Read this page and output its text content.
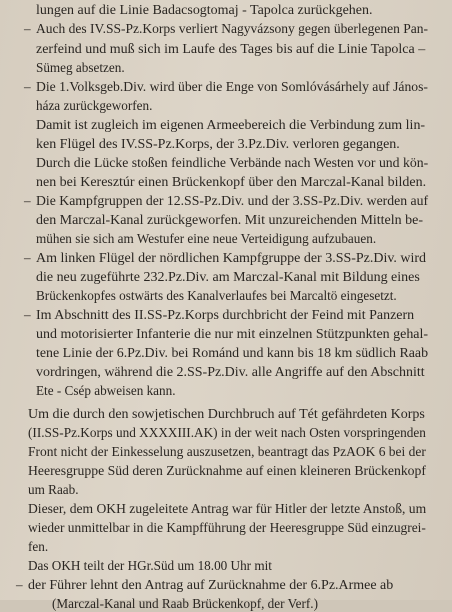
lungen auf die Linie Badacsogtomaj - Tapolca zurückgehen.
– Auch des IV.SS-Pz.Korps verliert Nagyvázsony gegen überlegenen Pan-
zerfeind und muß sich im Laufe des Tages bis auf die Linie Tapolca –
Sümeg absetzen.
– Die 1.Volksgeb.Div. wird über die Enge von Somlóvásárhely auf János-
háza zurückgeworfen.
Damit ist zugleich im eigenen Armeebereich die Verbindung zum lin-
ken Flügel des IV.SS-Pz.Korps, der 3.Pz.Div. verloren gegangen.
Durch die Lücke stoßen feindliche Verbände nach Westen vor und kön-
nen bei Keresztúr einen Brückenkopf über den Marczal-Kanal bilden.
– Die Kampfgruppen der 12.SS-Pz.Div. und der 3.SS-Pz.Div. werden auf
den Marczal-Kanal zurückgeworfen. Mit unzureichenden Mitteln be-
mühen sie sich am Westufer eine neue Verteidigung aufzubauen.
– Am linken Flügel der nördlichen Kampfgruppe der 3.SS-Pz.Div. wird
die neu zugeführte 232.Pz.Div. am Marczal-Kanal mit Bildung eines
Brückenkopfes ostwärts des Kanalverlaufes bei Marcaltö eingesetzt.
– Im Abschnitt des II.SS-Pz.Korps durchbricht der Feind mit Panzern
und motorisierter Infanterie die nur mit einzelnen Stützpunkten gehal-
tene Linie der 6.Pz.Div. bei Románd und kann bis 18 km südlich Raab
vordringen, während die 2.SS-Pz.Div. alle Angriffe auf den Abschnitt
Ete - Csép abweisen kann.
Um die durch den sowjetischen Durchbruch auf Tét gefährdeten Korps
(II.SS-Pz.Korps und XXXXIII.AK) in der weit nach Osten vorspringenden
Front nicht der Einkesselung auszusetzen, beantragt das PzAOK 6 bei der
Heeresgruppe Süd deren Zurücknahme auf einen kleineren Brückenkopf
um Raab.
Dieser, dem OKH zugeleitete Antrag war für Hitler der letzte Anstoß, um
wieder unmittelbar in die Kampfführung der Heeresgruppe Süd einzugrei-
fen.
Das OKH teilt der HGr.Süd um 18.00 Uhr mit
– der Führer lehnt den Antrag auf Zurücknahme der 6.Pz.Armee ab
(Marczal-Kanal und Raab Brückenkopf, der Verf.)
